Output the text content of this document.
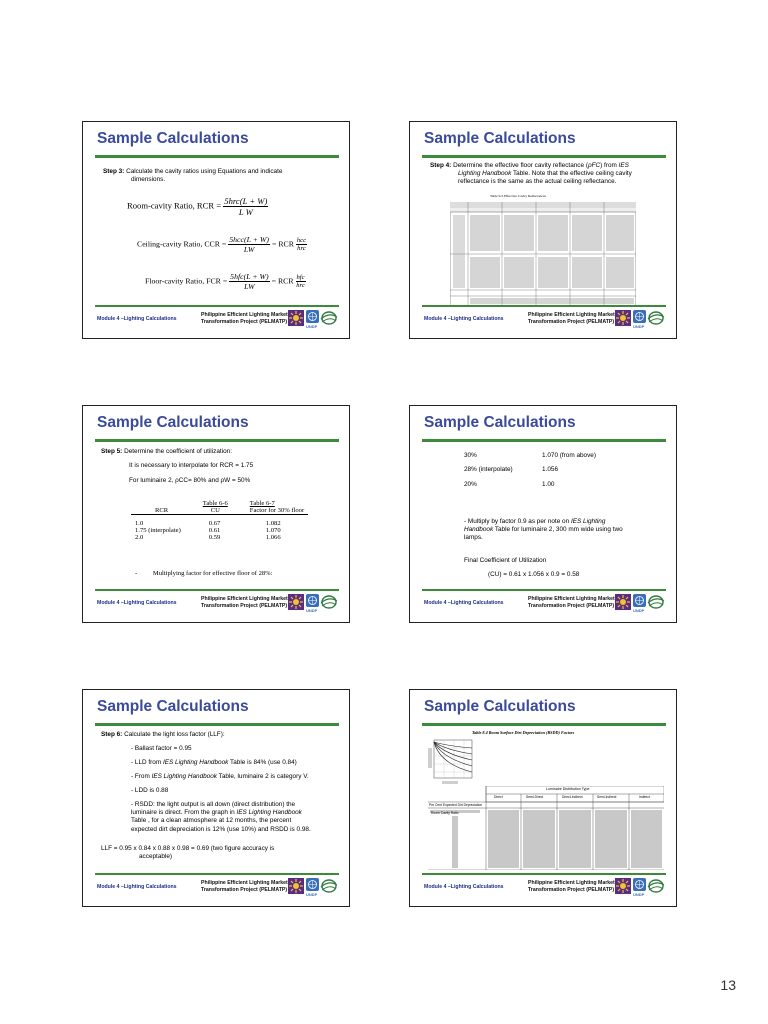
Sample Calculations
Step 3: Calculate the cavity ratios using Equations and indicate
dimensions.
Room-cavity Ratio, RCR = $\frac{\text{5hrc(L + W)}}{\text{L W}}$
Ceiling-cavity Ratio, CCR = $\frac{\text{5hcc(L + W)}}{LW}$ = RCR $\frac{\text{hcc}}{\text{hrc}}$
Floor-cavity Ratio, FCR = $\frac{\text{5hfc(L + W)}}{LW}$ = RCR $\frac{\text{hfc}}{\text{hrc}}$
Module 4 –Lighting Calculations
Philippine Efficient Lighting Market
Transformation Project (PELMATP)
UNDP
Sample Calculations
Step 4: Determine the effective floor cavity reflectance (ρFC) from IES
Lighting Handbook Table. Note that the effective ceiling cavity
reflectance is the same as the actual ceiling reflectance.
Table 9-5 Effective Cavity Reflectances
Module 4 –Lighting Calculations
Philippine Efficient Lighting Market
Transformation Project (PELMATP)
UNDP
Sample Calculations
Step 5: Determine the coefficient of utilization:
It is necessary to interpolate for RCR = 1.75
For luminaire 2, ρCC= 80% and ρW = 50%
	Table 6-6	Table 6-7
RCR	CU	Factor for 30% floor
1.0	0.67	1.082
1.75 (interpolate)	0.61	1.070
2.0	0.59	1.066
- Multiplying factor for effective floor of 28%:
Module 4 –Lighting Calculations
Philippine Efficient Lighting Market
Transformation Project (PELMATP)
UNDP
Sample Calculations
30%	1.070 (from above)
28% (interpolate)	1.056
20%	1.00
- Multiply by factor 0.9 as per note on IES Lighting
Handbook Table for luminaire 2, 300 mm wide using two
lamps.
Final Coefficient of Utilization
(CU) = 0.61 x 1.056 x 0.9 = 0.58
Module 4 –Lighting Calculations
Philippine Efficient Lighting Market
Transformation Project (PELMATP)
UNDP
Sample Calculations
Step 6: Calculate the light loss factor (LLF):
- Ballast factor = 0.95
- LLD from IES Lighting Handbook Table is 84% (use 0.84)
- From IES Lighting Handbook Table, luminaire 2 is category V.
- LDD is 0.88
- RSDD: the light output is all down (direct distribution) the
luminaire is direct. From the graph in IES Lighting Handbook
Table , for a clean atmosphere at 12 months, the percent
expected dirt depreciation is 12% (use 10%) and RSDD is 0.98.
LLF = 0.95 x 0.84 x 0.88 x 0.98 = 0.69 (two figure accuracy is
acceptable)
Module 4 –Lighting Calculations
Philippine Efficient Lighting Market
Transformation Project (PELMATP)
UNDP
Sample Calculations
Table 8.4 Room Surface Dirt Depreciation (RSDD) Factors
Luminaire Distribution Type
Direct	Semi-Direct	Direct-Indirect	Semi-Indirect	Indirect
Per Cent Expected Dirt Depreciation
Room Cavity Ratio
Module 4 –Lighting Calculations
Philippine Efficient Lighting Market
Transformation Project (PELMATP)
UNDP
13
